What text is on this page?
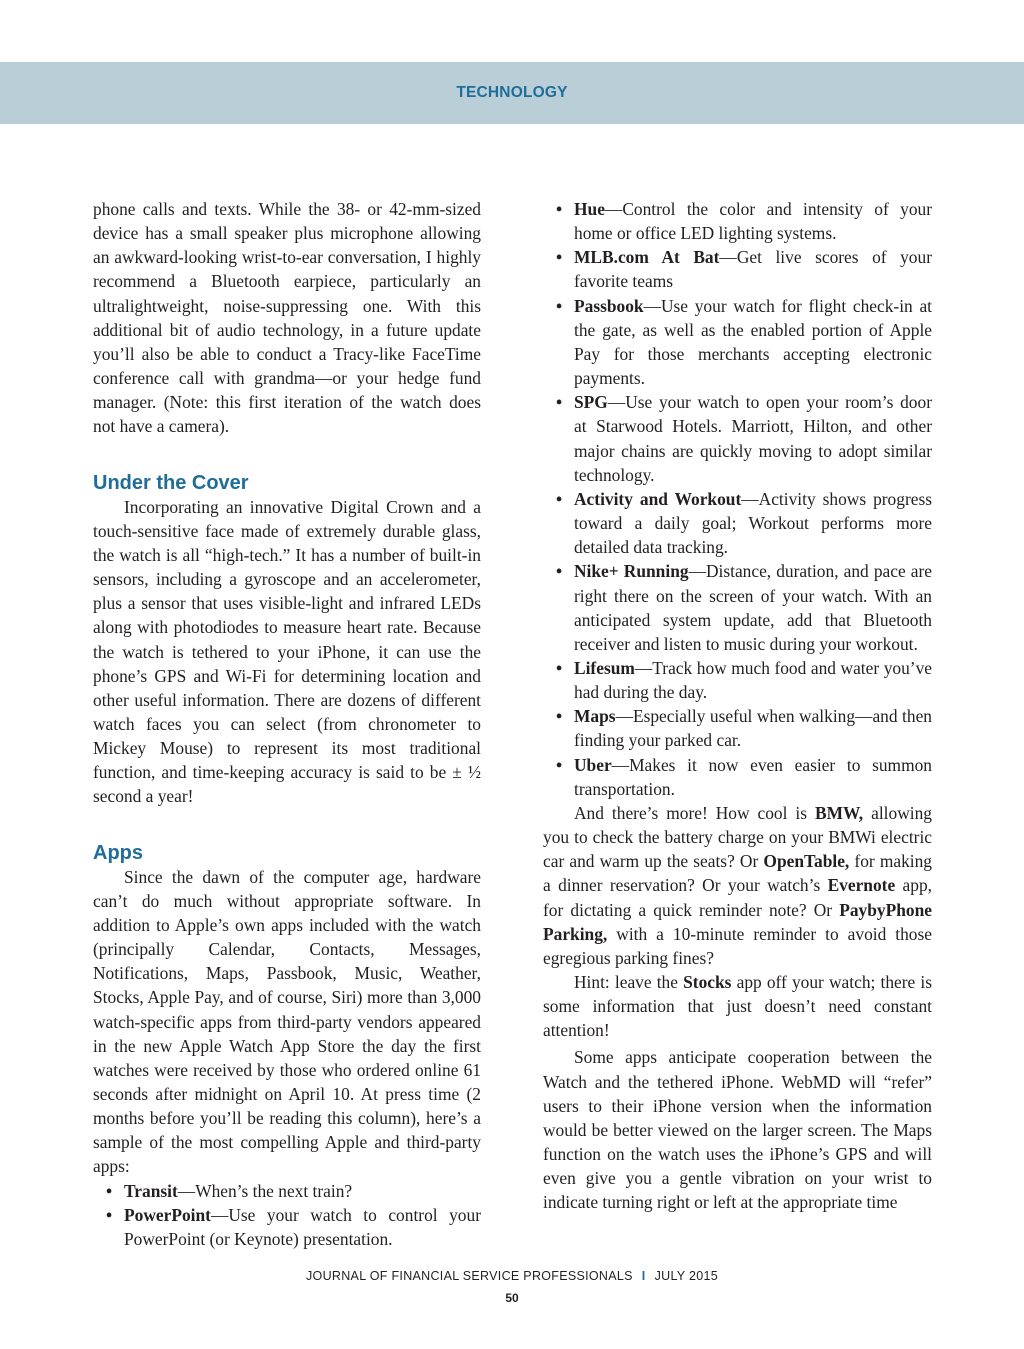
TECHNOLOGY

phone calls and texts. While the 38- or 42-mm-sized device has a small speaker plus microphone allowing an awkward-looking wrist-to-ear conversation, I highly recommend a Bluetooth earpiece, particularly an ultralightweight, noise-suppressing one. With this additional bit of audio technology, in a future update you’ll also be able to conduct a Tracy-like FaceTime conference call with grandma—or your hedge fund manager. (Note: this first iteration of the watch does not have a camera).

Under the Cover

Incorporating an innovative Digital Crown and a touch-sensitive face made of extremely durable glass, the watch is all “high-tech.” It has a number of built-in sensors, including a gyroscope and an accelerometer, plus a sensor that uses visible-light and infrared LEDs along with photodiodes to measure heart rate. Because the watch is tethered to your iPhone, it can use the phone’s GPS and Wi-Fi for determining location and other useful information. There are dozens of different watch faces you can select (from chronometer to Mickey Mouse) to represent its most traditional function, and time-keeping accuracy is said to be ± ½ second a year!

Apps

Since the dawn of the computer age, hardware can’t do much without appropriate software. In addition to Apple’s own apps included with the watch (principally Calendar, Contacts, Messages, Notifications, Maps, Passbook, Music, Weather, Stocks, Apple Pay, and of course, Siri) more than 3,000 watch-specific apps from third-party vendors appeared in the new Apple Watch App Store the day the first watches were received by those who ordered online 61 seconds after midnight on April 10. At press time (2 months before you’ll be reading this column), here’s a sample of the most compelling Apple and third-party apps:

• Transit—When’s the next train?
• PowerPoint—Use your watch to control your PowerPoint (or Keynote) presentation.
• Hue—Control the color and intensity of your home or office LED lighting systems.
• MLB.com At Bat—Get live scores of your favorite teams
• Passbook—Use your watch for flight check-in at the gate, as well as the enabled portion of Apple Pay for those merchants accepting electronic payments.
• SPG—Use your watch to open your room’s door at Starwood Hotels. Marriott, Hilton, and other major chains are quickly moving to adopt similar technology.
• Activity and Workout—Activity shows progress toward a daily goal; Workout performs more detailed data tracking.
• Nike+ Running—Distance, duration, and pace are right there on the screen of your watch. With an anticipated system update, add that Bluetooth receiver and listen to music during your workout.
• Lifesum—Track how much food and water you’ve had during the day.
• Maps—Especially useful when walking—and then finding your parked car.
• Uber—Makes it now even easier to summon transportation.

And there’s more! How cool is BMW, allowing you to check the battery charge on your BMWi electric car and warm up the seats? Or OpenTable, for making a dinner reservation? Or your watch’s Evernote app, for dictating a quick reminder note? Or PaybyPhone Parking, with a 10-minute reminder to avoid those egregious parking fines?

Hint: leave the Stocks app off your watch; there is some information that just doesn’t need constant attention!

Some apps anticipate cooperation between the Watch and the tethered iPhone. WebMD will “refer” users to their iPhone version when the information would be better viewed on the larger screen. The Maps function on the watch uses the iPhone’s GPS and will even give you a gentle vibration on your wrist to indicate turning right or left at the appropriate time

JOURNAL OF FINANCIAL SERVICE PROFESSIONALS I JULY 2015
50
